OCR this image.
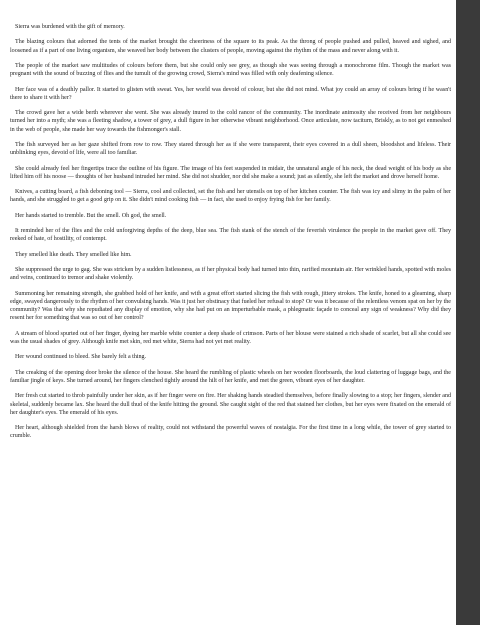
Sierra was burdened with the gift of memory.

The blazing colours that adorned the tents of the market brought the cheeriness of the square to its peak. As the throng of people pushed and pulled, heaved and sighed, and loosened as if a part of one living organism, she weaved her body between the clusters of people, moving against the rhythm of the mass and never along with it.

The people of the market saw multitudes of colours before them, but she could only see grey, as though she was seeing through a monochrome film. Though the market was pregnant with the sound of buzzing of flies and the tumult of the growing crowd, Sierra's mind was filled with only deafening silence.

Her face was of a deathly pallor. It started to glisten with sweat. Yes, her world was devoid of colour, but she did not mind. What joy could an array of colours bring if he wasn't there to share it with her?

The crowd gave her a wide berth wherever she went. She was already inured to the cold rancor of the community. The inordinate animosity she received from her neighbours turned her into a myth; she was a fleeting shadow, a tower of grey, a dull figure in her otherwise vibrant neighborhood. Once articulate, now taciturn, Briskly, as to not get enmeshed in the web of people, she made her way towards the fishmonger's stall.

The fish surveyed her as her gaze shifted from row to row. They stared through her as if she were transparent, their eyes covered in a dull sheen, bloodshot and lifeless. Their unblinking eyes, devoid of life, were all too familiar.

She could already feel her fingertips trace the outline of his figure. The image of his feet suspended in midair, the unnatural angle of his neck, the dead weight of his body as she lifted him off his noose — thoughts of her husband intruded her mind. She did not shudder, nor did she make a sound; just as silently, she left the market and drove herself home.

Knives, a cutting board, a fish deboning tool — Sierra, cool and collected, set the fish and her utensils on top of her kitchen counter. The fish was icy and slimy in the palm of her hands, and she struggled to get a good grip on it. She didn't mind cooking fish — in fact, she used to enjoy frying fish for her family.

Her hands started to tremble. But the smell. Oh god, the smell.

It reminded her of the flies and the cold unforgiving depths of the deep, blue sea. The fish stank of the stench of the feverish virulence the people in the market gave off. They reeked of hate, of hostility, of contempt.

They smelled like death. They smelled like him.

She suppressed the urge to gag. She was stricken by a sudden listlessness, as if her physical body had turned into thin, rarified mountain air. Her wrinkled hands, spotted with moles and veins, continued to tremor and shake violently.

Summoning her remaining strength, she grabbed hold of her knife, and with a great effort started slicing the fish with rough, jittery strokes. The knife, honed to a gleaming, sharp edge, swayed dangerously to the rhythm of her convulsing hands. Was it just her obstinacy that fueled her refusal to stop? Or was it because of the relentless venom spat on her by the community? Was that why she repudiated any display of emotion, why she had put on an imperturbable mask, a phlegmatic façade to conceal any sign of weakness? Why did they resent her for something that was so out of her control?

A stream of blood spurted out of her finger, dyeing her marble white counter a deep shade of crimson. Parts of her blouse were stained a rich shade of scarlet, but all she could see was the usual shades of grey. Although knife met skin, red met white, Sierra had not yet met reality.

Her wound continued to bleed. She barely felt a thing.

The creaking of the opening door broke the silence of the house. She heard the rumbling of plastic wheels on her wooden floorboards, the loud clattering of luggage bags, and the familiar jingle of keys. She turned around, her fingers clenched tightly around the hilt of her knife, and met the green, vibrant eyes of her daughter.

Her fresh cut started to throb painfully under her skin, as if her finger were on fire. Her shaking hands steadied themselves, before finally slowing to a stop; her fingers, slender and skeletal, suddenly became lax. She heard the dull thud of the knife hitting the ground. She caught sight of the red that stained her clothes, but her eyes were fixated on the emerald of her daughter's eyes. The emerald of his eyes.

Her heart, although shielded from the harsh blows of reality, could not withstand the powerful waves of nostalgia. For the first time in a long while, the tower of grey started to crumble.
